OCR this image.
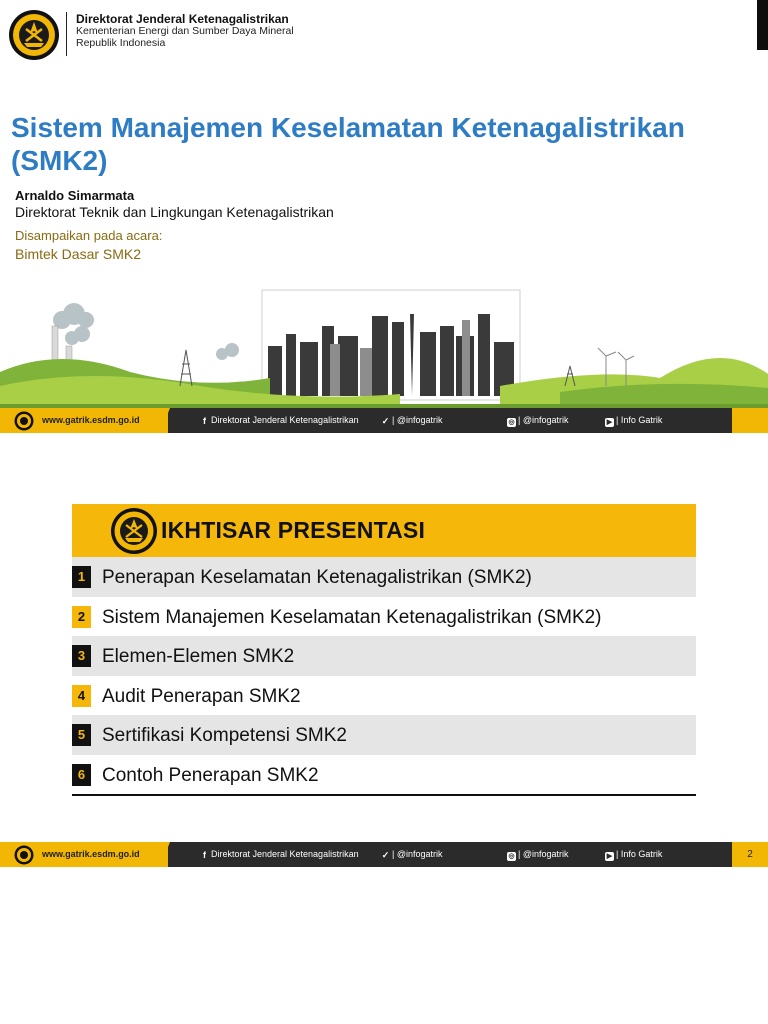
Direktorat Jenderal Ketenagalistrikan
Kementerian Energi dan Sumber Daya Mineral
Republik Indonesia
Sistem Manajemen Keselamatan Ketenagalistrikan (SMK2)
Arnaldo Simarmata
Direktorat Teknik dan Lingkungan Ketenagalistrikan
Disampaikan pada acara:
Bimtek Dasar SMK2
www.gatrik.esdm.go.id	f Direktorat Jenderal Ketenagalistrikan	✓ | @infogatrik	◎ | @infogatrik	▶ | Info Gatrik
IKHTISAR PRESENTASI
1 Penerapan Keselamatan Ketenagalistrikan (SMK2)
2 Sistem Manajemen Keselamatan Ketenagalistrikan (SMK2)
3 Elemen-Elemen SMK2
4 Audit Penerapan SMK2
5 Sertifikasi Kompetensi SMK2
6 Contoh Penerapan SMK2
www.gatrik.esdm.go.id	f Direktorat Jenderal Ketenagalistrikan	✓ | @infogatrik	◎ | @infogatrik	▶ | Info Gatrik	2
